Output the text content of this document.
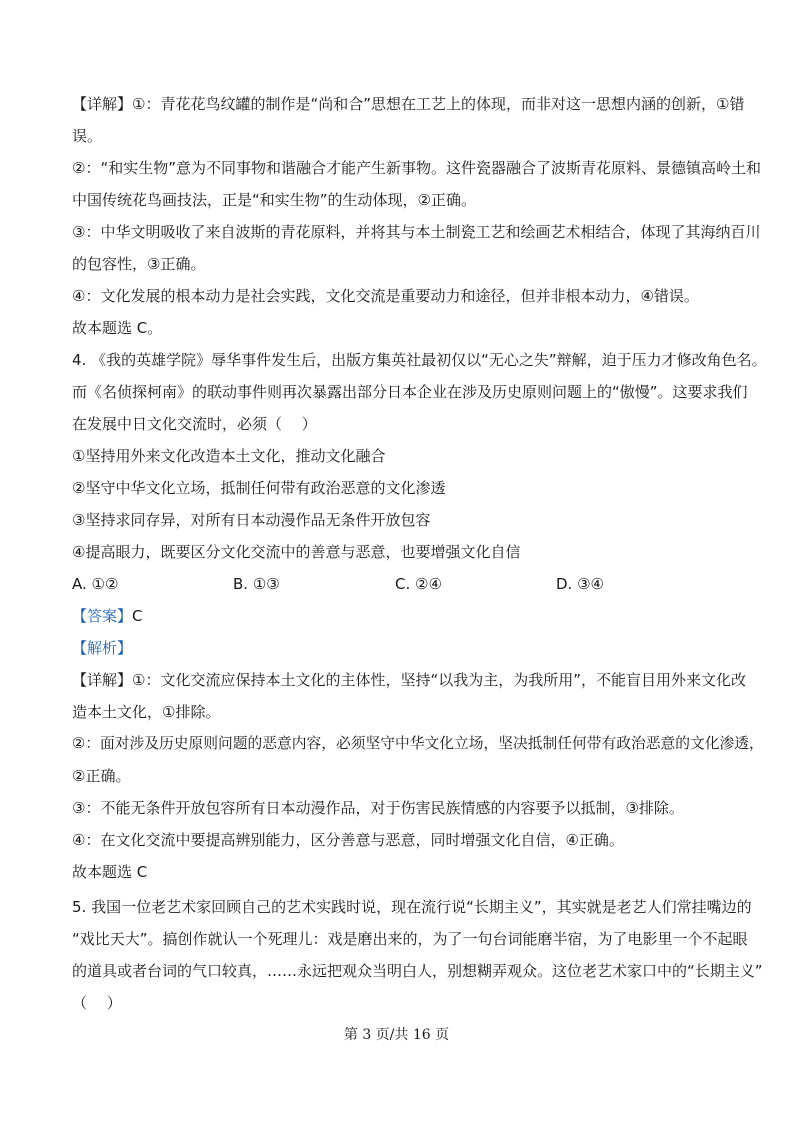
【详解】①：青花花鸟纹罐的制作是“尚和合”思想在工艺上的体现，而非对这一思想内涵的创新，①错
误。
②：“和实生物”意为不同事物和谐融合才能产生新事物。这件瓷器融合了波斯青花原料、景德镇高岭土和
中国传统花鸟画技法，正是“和实生物”的生动体现，②正确。
③：中华文明吸收了来自波斯的青花原料，并将其与本土制瓷工艺和绘画艺术相结合，体现了其海纳百川
的包容性，③正确。
④：文化发展的根本动力是社会实践，文化交流是重要动力和途径，但并非根本动力，④错误。
故本题选 C。
4. 《我的英雄学院》辱华事件发生后，出版方集英社最初仅以“无心之失”辩解，迫于压力才修改角色名。
而《名侦探柯南》的联动事件则再次暴露出部分日本企业在涉及历史原则问题上的“傲慢”。这要求我们
在发展中日文化交流时，必须（　 ）
①坚持用外来文化改造本土文化，推动文化融合
②坚守中华文化立场，抵制任何带有政治恶意的文化渗透
③坚持求同存异，对所有日本动漫作品无条件开放包容
④提高眼力，既要区分文化交流中的善意与恶意，也要增强文化自信
A. ①②	B. ①③	C. ②④	D. ③④
【答案】C
【解析】
【详解】①：文化交流应保持本土文化的主体性，坚持“以我为主，为我所用”，不能盲目用外来文化改
造本土文化，①排除。
②：面对涉及历史原则问题的恶意内容，必须坚守中华文化立场，坚决抵制任何带有政治恶意的文化渗透，
②正确。
③：不能无条件开放包容所有日本动漫作品，对于伤害民族情感的内容要予以抵制，③排除。
④：在文化交流中要提高辨别能力，区分善意与恶意，同时增强文化自信，④正确。
故本题选 C
5. 我国一位老艺术家回顾自己的艺术实践时说，现在流行说“长期主义”，其实就是老艺人们常挂嘴边的
“戏比天大”。搞创作就认一个死理儿：戏是磨出来的，为了一句台词能磨半宿，为了电影里一个不起眼
的道具或者台词的气口较真，……永远把观众当明白人，别想糊弄观众。这位老艺术家口中的“长期主义”
（　 ）
第 3 页/共 16 页
